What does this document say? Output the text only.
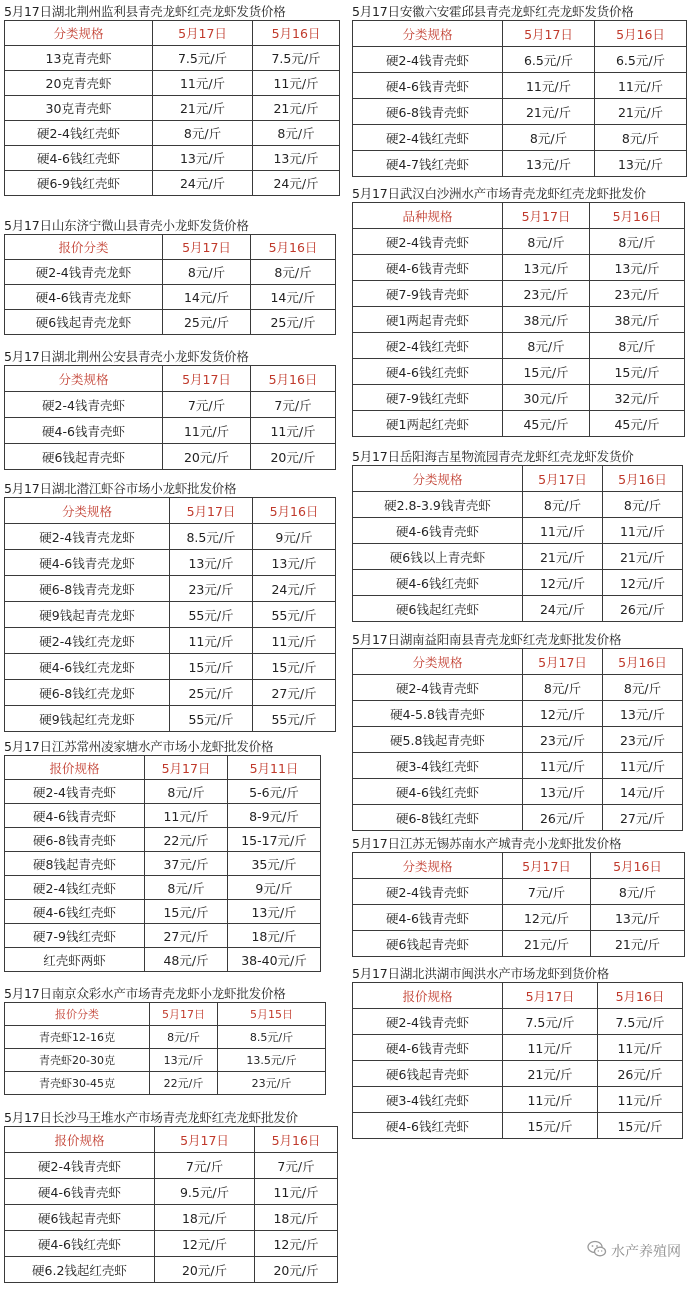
5月17日湖北荆州监利县青壳龙虾红壳龙虾发货价格
分类规格	5月17日	5月16日
13克青壳虾	7.5元/斤	7.5元/斤
20克青壳虾	11元/斤	11元/斤
30克青壳虾	21元/斤	21元/斤
硬2-4钱红壳虾	8元/斤	8元/斤
硬4-6钱红壳虾	13元/斤	13元/斤
硬6-9钱红壳虾	24元/斤	24元/斤
5月17日山东济宁微山县青壳小龙虾发货价格
报价分类	5月17日	5月16日
硬2-4钱青壳龙虾	8元/斤	8元/斤
硬4-6钱青壳龙虾	14元/斤	14元/斤
硬6钱起青壳龙虾	25元/斤	25元/斤
5月17日湖北荆州公安县青壳小龙虾发货价格
分类规格	5月17日	5月16日
硬2-4钱青壳虾	7元/斤	7元/斤
硬4-6钱青壳虾	11元/斤	11元/斤
硬6钱起青壳虾	20元/斤	20元/斤
5月17日湖北潜江虾谷市场小龙虾批发价格
分类规格	5月17日	5月16日
硬2-4钱青壳龙虾	8.5元/斤	9元/斤
硬4-6钱青壳龙虾	13元/斤	13元/斤
硬6-8钱青壳龙虾	23元/斤	24元/斤
硬9钱起青壳龙虾	55元/斤	55元/斤
硬2-4钱红壳龙虾	11元/斤	11元/斤
硬4-6钱红壳龙虾	15元/斤	15元/斤
硬6-8钱红壳龙虾	25元/斤	27元/斤
硬9钱起红壳龙虾	55元/斤	55元/斤
5月17日江苏常州凌家塘水产市场小龙虾批发价格
报价规格	5月17日	5月11日
硬2-4钱青壳虾	8元/斤	5-6元/斤
硬4-6钱青壳虾	11元/斤	8-9元/斤
硬6-8钱青壳虾	22元/斤	15-17元/斤
硬8钱起青壳虾	37元/斤	35元/斤
硬2-4钱红壳虾	8元/斤	9元/斤
硬4-6钱红壳虾	15元/斤	13元/斤
硬7-9钱红壳虾	27元/斤	18元/斤
红壳虾两虾	48元/斤	38-40元/斤
5月17日南京众彩水产市场青壳龙虾小龙虾批发价格
报价分类	5月17日	5月15日
青壳虾12-16克	8元/斤	8.5元/斤
青壳虾20-30克	13元/斤	13.5元/斤
青壳虾30-45克	22元/斤	23元/斤
5月17日长沙马王堆水产市场青壳龙虾红壳龙虾批发价
报价规格	5月17日	5月16日
硬2-4钱青壳虾	7元/斤	7元/斤
硬4-6钱青壳虾	9.5元/斤	11元/斤
硬6钱起青壳虾	18元/斤	18元/斤
硬4-6钱红壳虾	12元/斤	12元/斤
硬6.2钱起红壳虾	20元/斤	20元/斤
5月17日安徽六安霍邱县青壳龙虾红壳龙虾发货价格
分类规格	5月17日	5月16日
硬2-4钱青壳虾	6.5元/斤	6.5元/斤
硬4-6钱青壳虾	11元/斤	11元/斤
硬6-8钱青壳虾	21元/斤	21元/斤
硬2-4钱红壳虾	8元/斤	8元/斤
硬4-7钱红壳虾	13元/斤	13元/斤
5月17日武汉白沙洲水产市场青壳龙虾红壳龙虾批发价
品种规格	5月17日	5月16日
硬2-4钱青壳虾	8元/斤	8元/斤
硬4-6钱青壳虾	13元/斤	13元/斤
硬7-9钱青壳虾	23元/斤	23元/斤
硬1两起青壳虾	38元/斤	38元/斤
硬2-4钱红壳虾	8元/斤	8元/斤
硬4-6钱红壳虾	15元/斤	15元/斤
硬7-9钱红壳虾	30元/斤	32元/斤
硬1两起红壳虾	45元/斤	45元/斤
5月17日岳阳海吉星物流园青壳龙虾红壳龙虾发货价
分类规格	5月17日	5月16日
硬2.8-3.9钱青壳虾	8元/斤	8元/斤
硬4-6钱青壳虾	11元/斤	11元/斤
硬6钱以上青壳虾	21元/斤	21元/斤
硬4-6钱红壳虾	12元/斤	12元/斤
硬6钱起红壳虾	24元/斤	26元/斤
5月17日湖南益阳南县青壳龙虾红壳龙虾批发价格
分类规格	5月17日	5月16日
硬2-4钱青壳虾	8元/斤	8元/斤
硬4-5.8钱青壳虾	12元/斤	13元/斤
硬5.8钱起青壳虾	23元/斤	23元/斤
硬3-4钱红壳虾	11元/斤	11元/斤
硬4-6钱红壳虾	13元/斤	14元/斤
硬6-8钱红壳虾	26元/斤	27元/斤
5月17日江苏无锡苏南水产城青壳小龙虾批发价格
分类规格	5月17日	5月16日
硬2-4钱青壳虾	7元/斤	8元/斤
硬4-6钱青壳虾	12元/斤	13元/斤
硬6钱起青壳虾	21元/斤	21元/斤
5月17日湖北洪湖市闽洪水产市场龙虾到货价格
报价规格	5月17日	5月16日
硬2-4钱青壳虾	7.5元/斤	7.5元/斤
硬4-6钱青壳虾	11元/斤	11元/斤
硬6钱起青壳虾	21元/斤	26元/斤
硬3-4钱红壳虾	11元/斤	11元/斤
硬4-6钱红壳虾	15元/斤	15元/斤
水产养殖网
